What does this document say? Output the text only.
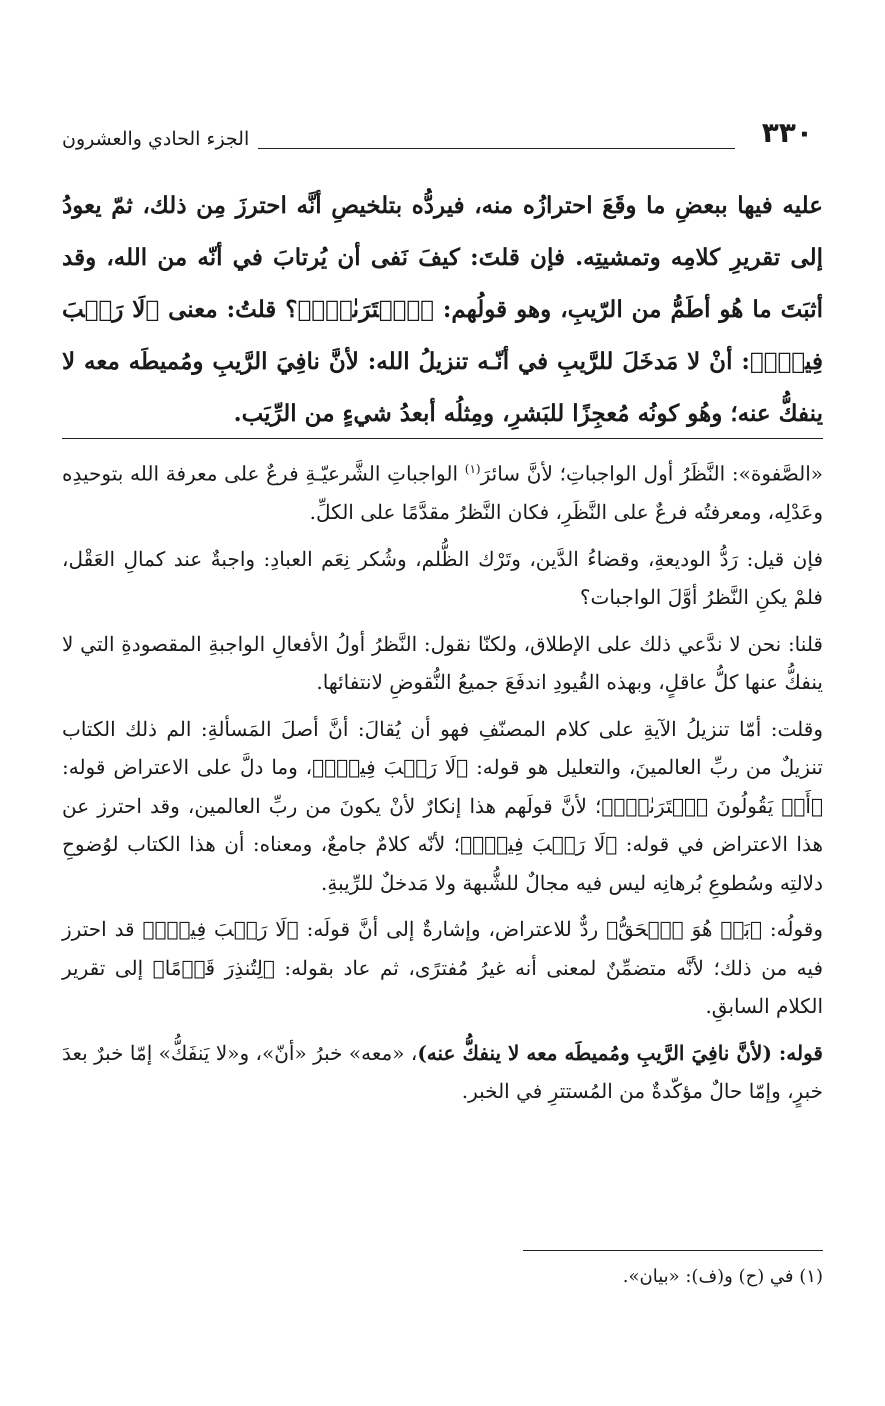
٣٣٠
الجزء الحادي والعشرون

عليه فيها ببعضِ ما وقَعَ احترازُه منه، فيردُّه بتلخيصِ أنَّه احترزَ مِن ذلك، ثمّ يعودُ إلى تقريرِ كلامِه وتمشيتِه. فإن قلتَ: كيفَ نَفى أن يُرتابَ في أنّه من الله، وقد أثبَتَ ما هُو أطَمُّ من الرّيبِ، وهو قولُهم: ﴿ٱفۡتَرَىٰهُۚ﴾؟ قلتُ: معنى ﴿لَا رَيۡبَ فِيهِۛ﴾: أنْ لا مَدخَلَ للرَّيبِ في أنّـه تنزيلُ الله: لأنَّ نافِيَ الرَّيبِ ومُميطَه معه لا ينفكُّ عنه؛ وهُو كونُه مُعجِزًا للبَشرِ، ومِثلُه أبعدُ شيءٍ من الرِّيَب.

«الصَّفوة»: النَّظَرُ أول الواجباتِ؛ لأنَّ سائرَ$^{(١)}$ الواجباتِ الشَّرعيّـةِ فرعٌ على معرفة الله بتوحيدِه وعَدْلِه، ومعرفتُه فرعٌ على النَّظَرِ، فكان النَّظرُ مقدَّمًا على الكلِّ.

فإن قيل: رَدُّ الوديعةِ، وقضاءُ الدَّين، وتَرْك الظُّلم، وشُكر نِعَم العبادِ: واجبةٌ عند كمالِ العَقْل، فلمْ يكنِ النَّظرُ أوَّلَ الواجبات؟

قلنا: نحن لا ندَّعي ذلك على الإطلاق، ولكنّا نقول: النَّظرُ أولُ الأفعالِ الواجبةِ المقصودةِ التي لا ينفكُّ عنها كلُّ عاقلٍ، وبهذه القُيودِ اندفَعَ جميعُ النُّقوضِ لانتفائها.

وقلت: أمّا تنزيلُ الآيةِ على كلام المصنّفِ فهو أن يُقالَ: أنَّ أصلَ المَسألةِ: الم ذلك الكتاب تنزيلٌ من ربِّ العالمينَ، والتعليل هو قوله: ﴿لَا رَيۡبَ فِيهِۛ﴾، وما دلَّ على الاعتراض قوله: ﴿أَمۡ يَقُولُونَ ٱفۡتَرَىٰهُۚ﴾؛ لأنَّ قولَهم هذا إنكارٌ لأنْ يكونَ من ربِّ العالمين، وقد احترز عن هذا الاعتراض في قوله: ﴿لَا رَيۡبَ فِيهِۛ﴾؛ لأنّه كلامٌ جامعٌ، ومعناه: أن هذا الكتاب لوُضوحِ دلالتِه وسُطوعِ بُرهانِه ليس فيه مجالٌ للشُّبهة ولا مَدخلٌ للرِّيبةِ.

وقولُه: ﴿بَلۡ هُوَ ٱلۡحَقُّ﴾ ردٌّ للاعتراض، وإشارةٌ إلى أنَّ قولَه: ﴿لَا رَيۡبَ فِيهِۛ﴾ قد احترز فيه من ذلك؛ لأنَّه متضمِّنٌ لمعنى أنه غيرُ مُفترًى، ثم عاد بقوله: ﴿لِتُنذِرَ قَوۡمًا﴾ إلى تقرير الكلام السابقِ.

قوله: (لأنَّ نافِيَ الرَّيبِ ومُميطَه معه لا ينفكُّ عنه)، «معه» خبرُ «أنّ»، و«لا يَنفَكُّ» إمّا خبرٌ بعدَ خبرٍ، وإمّا حالٌ مؤكّدةٌ من المُستترِ في الخبر.

(١) في (ح) و(ف): «بيان».
